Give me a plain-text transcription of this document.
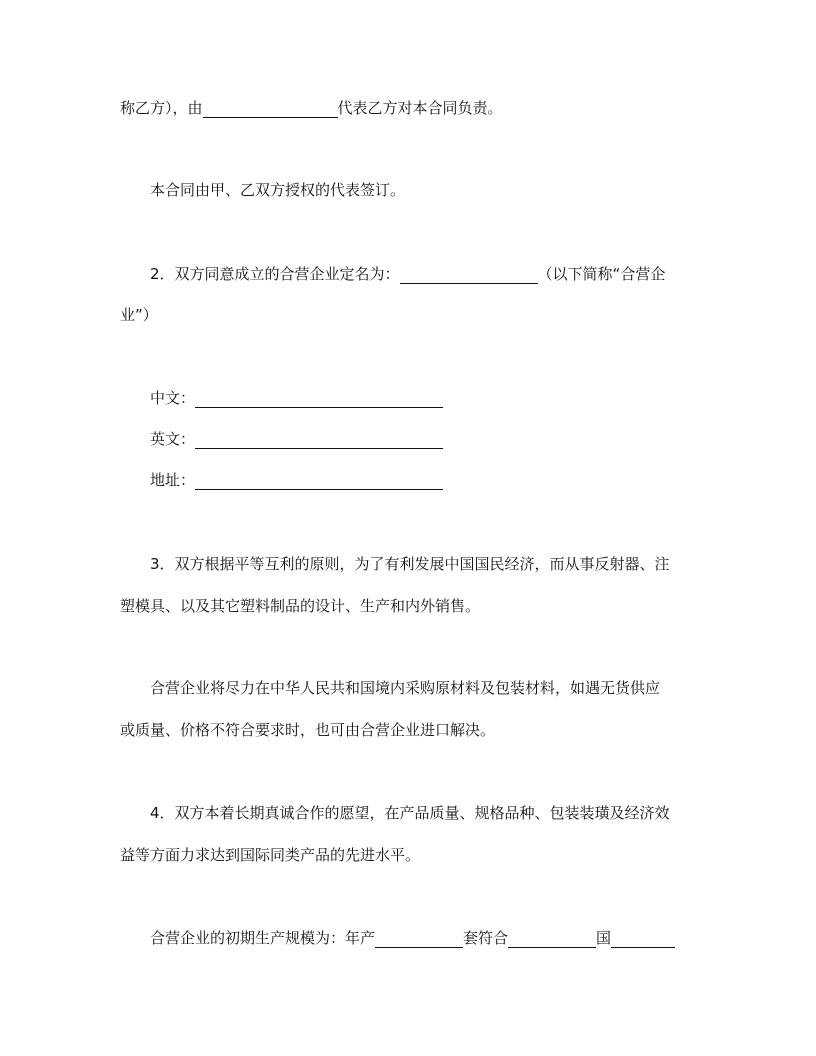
称乙方），由	代表乙方对本合同负责。
本合同由甲、乙双方授权的代表签订。
2．双方同意成立的合营企业定名为：	（以下简称“合营企
业”）
中文：
英文：
地址：
3．双方根据平等互利的原则，为了有利发展中国国民经济，而从事反射器、注
塑模具、以及其它塑料制品的设计、生产和内外销售。
合营企业将尽力在中华人民共和国境内采购原材料及包装材料，如遇无货供应
或质量、价格不符合要求时，也可由合营企业进口解决。
4．双方本着长期真诚合作的愿望，在产品质量、规格品种、包装装璜及经济效
益等方面力求达到国际同类产品的先进水平。
合营企业的初期生产规模为：年产	套符合	国
